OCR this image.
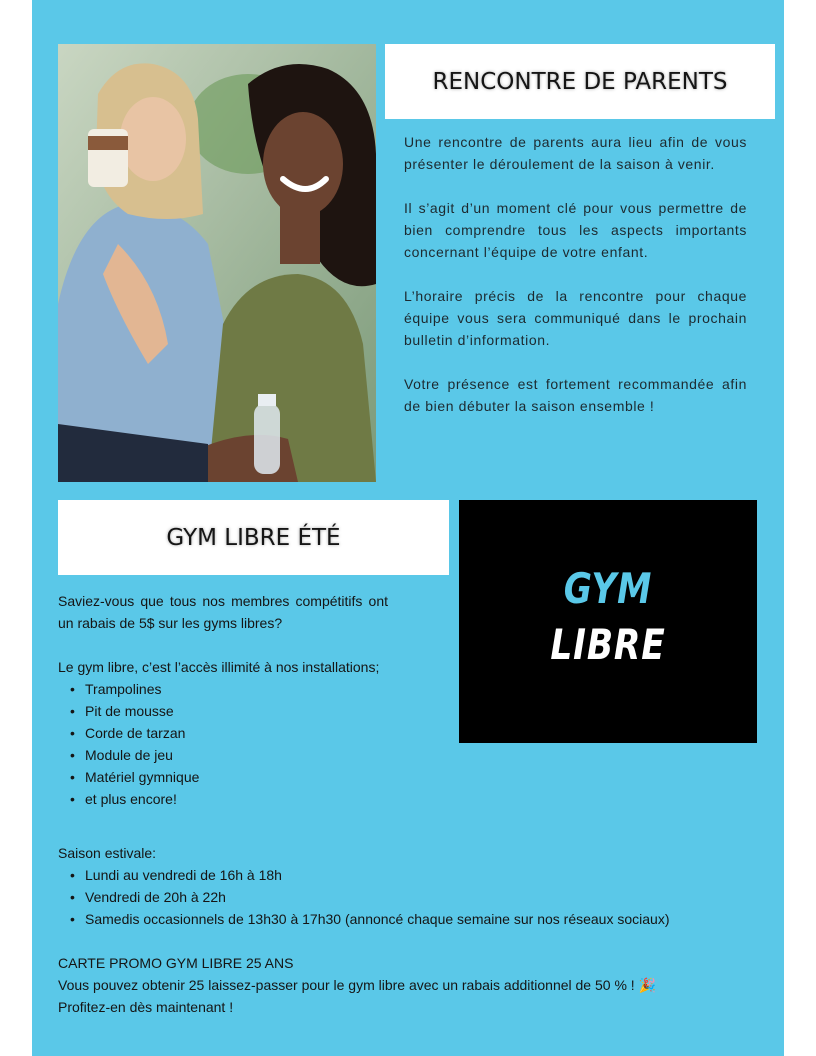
RENCONTRE DE PARENTS

Une rencontre de parents aura lieu afin de vous présenter le déroulement de la saison à venir.

Il s’agit d’un moment clé pour vous permettre de bien comprendre tous les aspects importants concernant l’équipe de votre enfant.

L’horaire précis de la rencontre pour chaque équipe vous sera communiqué dans le prochain bulletin d’information.

Votre présence est fortement recommandée afin de bien débuter la saison ensemble !

GYM LIBRE ÉTÉ
GYM
LIBRE

Saviez-vous que tous nos membres compétitifs ont un rabais de 5$ sur les gyms libres?

Le gym libre, c’est l’accès illimité à nos installations;

• Trampolines
• Pit de mousse
• Corde de tarzan
• Module de jeu
• Matériel gymnique
• et plus encore!
Saison estivale:
• Lundi au vendredi de 16h à 18h
• Vendredi de 20h à 22h
• Samedis occasionnels de 13h30 à 17h30 (annoncé chaque semaine sur nos réseaux sociaux)
CARTE PROMO GYM LIBRE 25 ANS
Vous pouvez obtenir 25 laissez-passer pour le gym libre avec un rabais additionnel de 50 % ! 🎉
Profitez-en dès maintenant !
